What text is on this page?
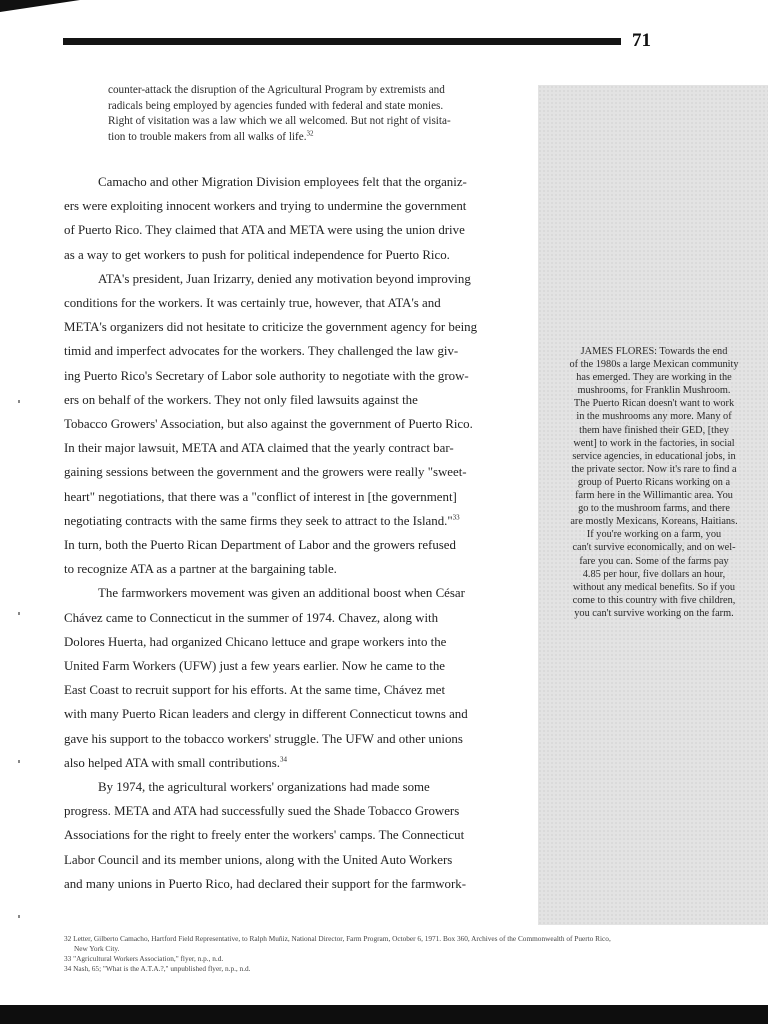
71
counter-attack the disruption of the Agricultural Program by extremists and
radicals being employed by agencies funded with federal and state monies.
Right of visitation was a law which we all welcomed. But not right of visita-
tion to trouble makers from all walks of life.$^{32}$
Camacho and other Migration Division employees felt that the organiz-
ers were exploiting innocent workers and trying to undermine the government
of Puerto Rico. They claimed that ATA and META were using the union drive
as a way to get workers to push for political independence for Puerto Rico.
ATA's president, Juan Irizarry, denied any motivation beyond improving
conditions for the workers. It was certainly true, however, that ATA's and
META's organizers did not hesitate to criticize the government agency for being
timid and imperfect advocates for the workers. They challenged the law giv-
ing Puerto Rico's Secretary of Labor sole authority to negotiate with the grow-
ers on behalf of the workers. They not only filed lawsuits against the
Tobacco Growers' Association, but also against the government of Puerto Rico.
In their major lawsuit, META and ATA claimed that the yearly contract bar-
gaining sessions between the government and the growers were really "sweet-
heart" negotiations, that there was a "conflict of interest in [the government]
negotiating contracts with the same firms they seek to attract to the Island."$^{33}$
In turn, both the Puerto Rican Department of Labor and the growers refused
to recognize ATA as a partner at the bargaining table.
The farmworkers movement was given an additional boost when César
Chávez came to Connecticut in the summer of 1974. Chavez, along with
Dolores Huerta, had organized Chicano lettuce and grape workers into the
United Farm Workers (UFW) just a few years earlier. Now he came to the
East Coast to recruit support for his efforts. At the same time, Chávez met
with many Puerto Rican leaders and clergy in different Connecticut towns and
gave his support to the tobacco workers' struggle. The UFW and other unions
also helped ATA with small contributions.$^{34}$
By 1974, the agricultural workers' organizations had made some
progress. META and ATA had successfully sued the Shade Tobacco Growers
Associations for the right to freely enter the workers' camps. The Connecticut
Labor Council and its member unions, along with the United Auto Workers
and many unions in Puerto Rico, had declared their support for the farmwork-
JAMES FLORES: Towards the end
of the 1980s a large Mexican community
has emerged. They are working in the
mushrooms, for Franklin Mushroom.
The Puerto Rican doesn't want to work
in the mushrooms any more. Many of
them have finished their GED, [they
went] to work in the factories, in social
service agencies, in educational jobs, in
the private sector. Now it's rare to find a
group of Puerto Ricans working on a
farm here in the Willimantic area. You
go to the mushroom farms, and there
are mostly Mexicans, Koreans, Haitians.
If you're working on a farm, you
can't survive economically, and on wel-
fare you can. Some of the farms pay
4.85 per hour, five dollars an hour,
without any medical benefits. So if you
come to this country with five children,
you can't survive working on the farm.
32 Letter, Gilberto Camacho, Hartford Field Representative, to Ralph Muñiz, National Director, Farm Program, October 6, 1971. Box 360, Archives of the Commonwealth of Puerto Rico,
New York City.
33 "Agricultural Workers Association," flyer, n.p., n.d.
34 Nash, 65; "What is the A.T.A.?," unpublished flyer, n.p., n.d.
